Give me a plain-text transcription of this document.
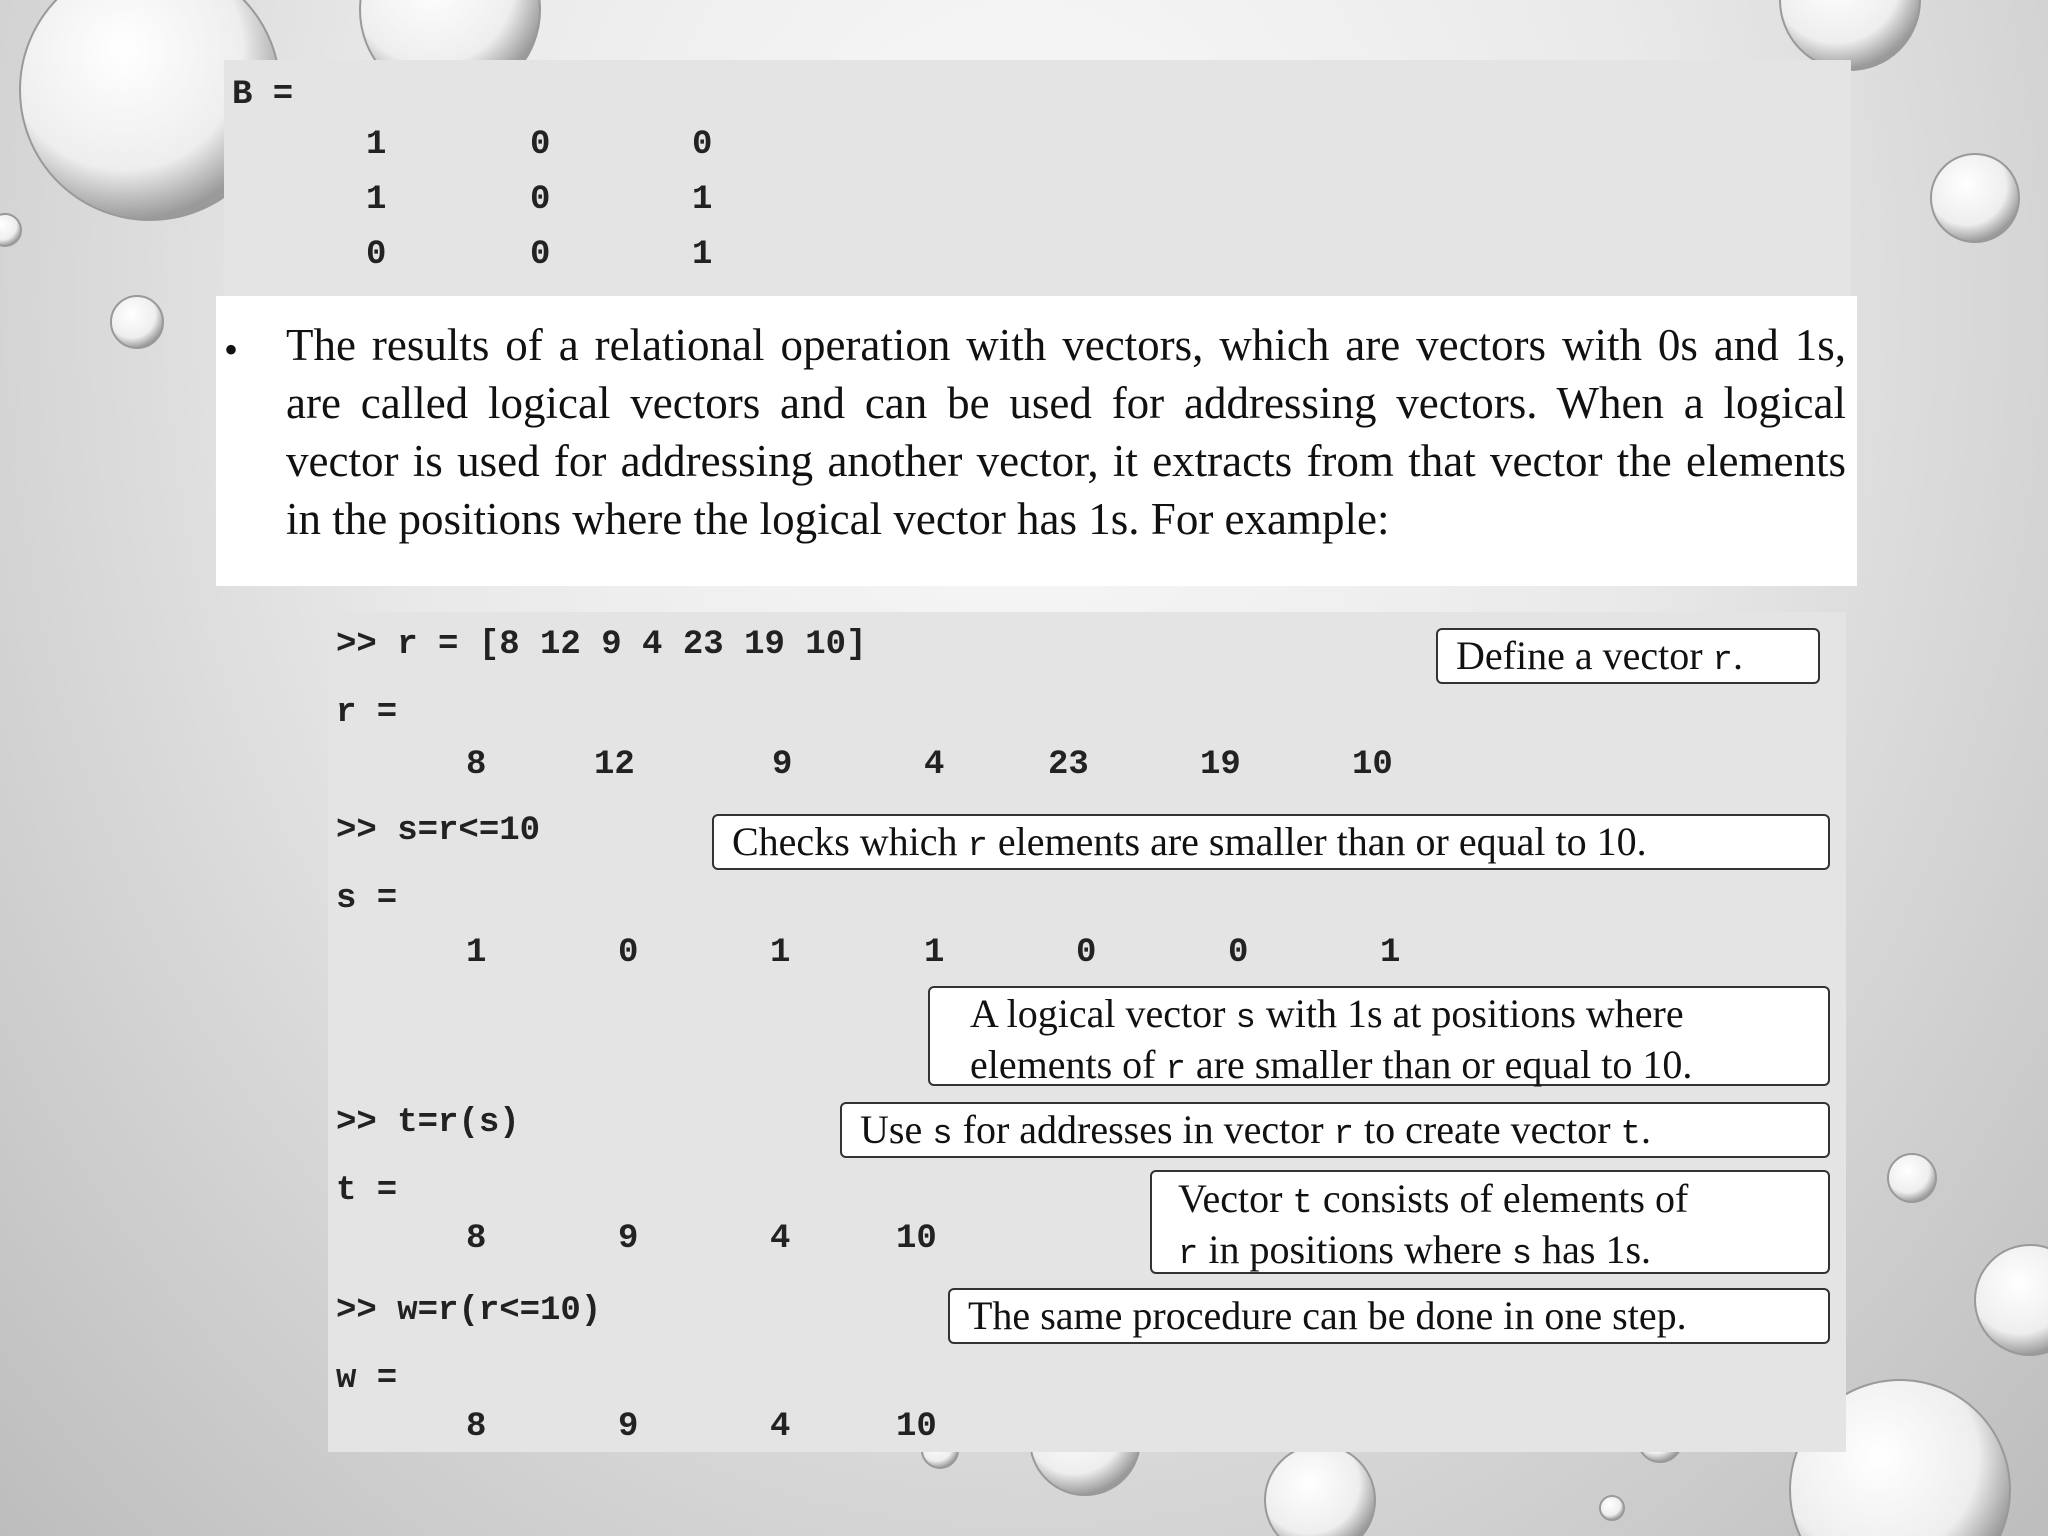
B =
1	0	0
1	0	1
0	0	1
• The results of a relational operation with vectors, which are vectors with 0s and 1s, are called logical vectors and can be used for addressing vectors. When a logical vector is used for addressing another vector, it extracts from that vector the elements in the positions where the logical vector has 1s. For example:
>> r = [8 12 9 4 23 19 10]
r =
8	12	9	4	23	19	10
>> s=r<=10
s =
1	0	1	1	0	0	1
>> t=r(s)
t =
8	9	4	10
>> w=r(r<=10)
w =
8	9	4	10
Define a vector r.
Checks which r elements are smaller than or equal to 10.
A logical vector s with 1s at positions where
elements of r are smaller than or equal to 10.
Use s for addresses in vector r to create vector t.
Vector t consists of elements of
r in positions where s has 1s.
The same procedure can be done in one step.
